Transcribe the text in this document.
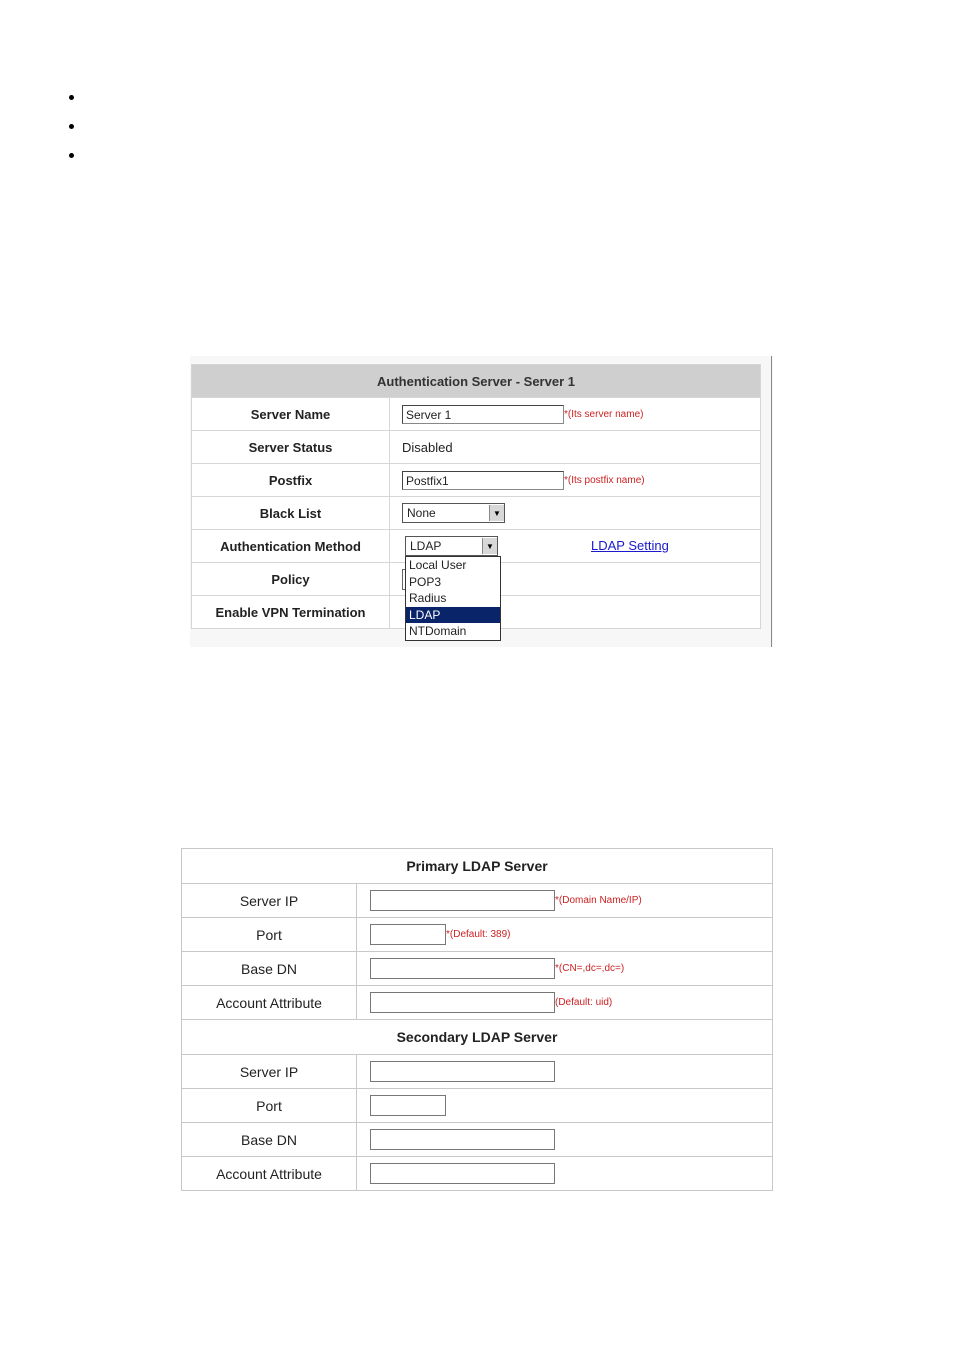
Authentication Server - Server 1	
Server Name	Server 1 *(Its server name)
Server Status	Disabled
Postfix	Postfix1 *(Its postfix name)
Black List	None ▼

Authentication Method	LDAP ▼ LDAP Setting

Policy	
Enable VPN Termination	
Local User
POP3
Radius
LDAP
NTDomain
Primary LDAP Server	
Server IP	*(Domain Name/IP)
Port	*(Default: 389)
Base DN	*(CN=,dc=,dc=)
Account Attribute	(Default: uid)
Secondary LDAP Server	
Server IP	
Port	
Base DN	
Account Attribute	
